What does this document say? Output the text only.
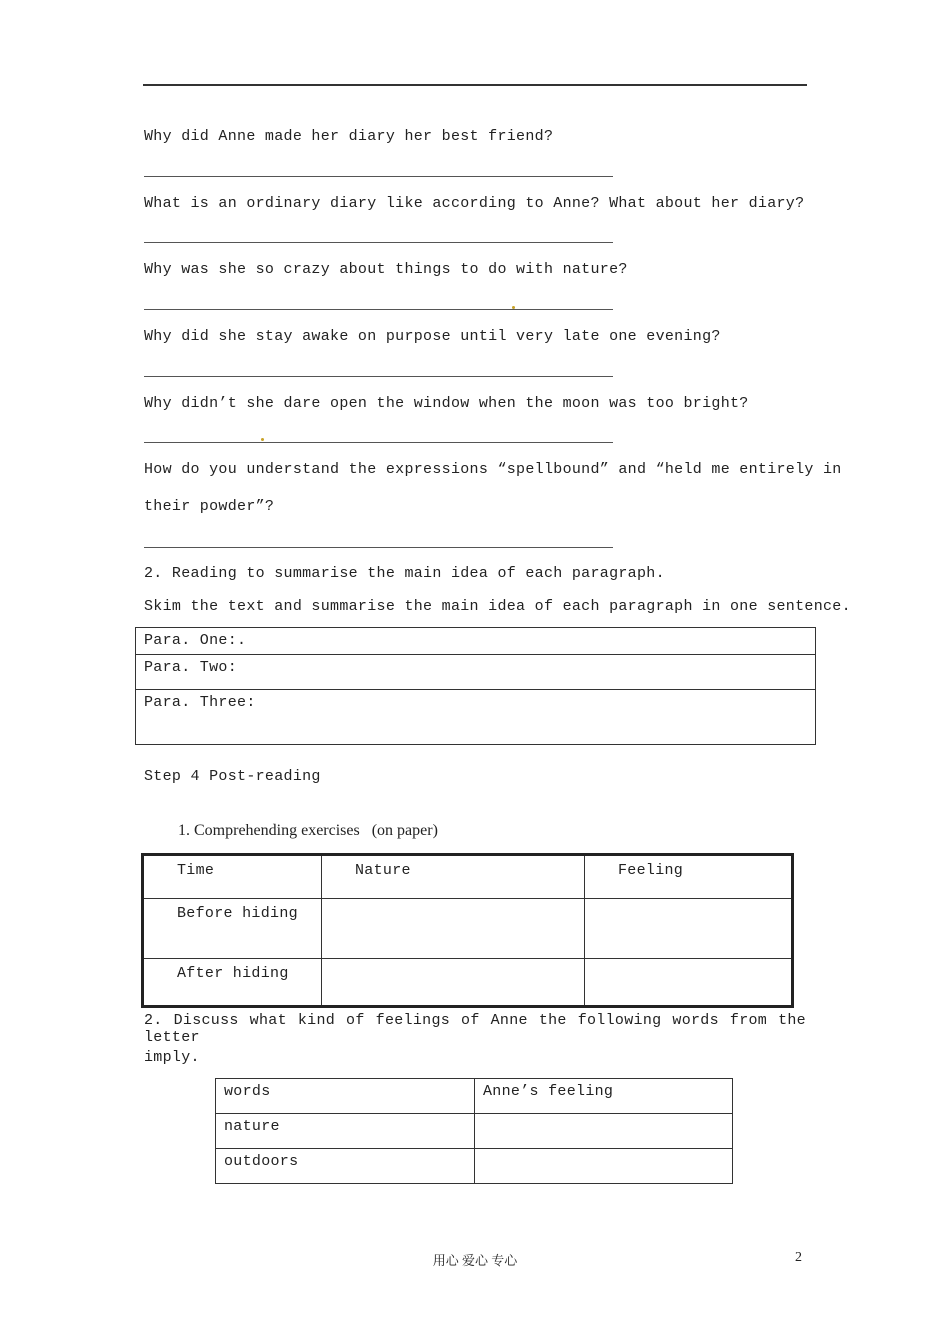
Why did Anne made her diary her best friend?
What is an ordinary diary like according to Anne? What about her diary?
Why was she so crazy about things to do with nature?
Why did she stay awake on purpose until very late one evening?
Why didn’t she dare open the window when the moon was too bright?
How do you understand the expressions “spellbound” and “held me entirely in
their powder”?
2. Reading to summarise the main idea of each paragraph.
Skim the text and summarise the main idea of each paragraph in one sentence.
Para. One:.
Para. Two:
Para. Three:
Step 4 Post-reading
1. Comprehending exercises   (on paper)
Time	Nature	Feeling
Before hiding		
After hiding		
2. Discuss what kind of feelings of Anne the following words from the letter
imply.
words	Anne’s feeling
nature	
outdoors	
用心 爱心 专心	2
